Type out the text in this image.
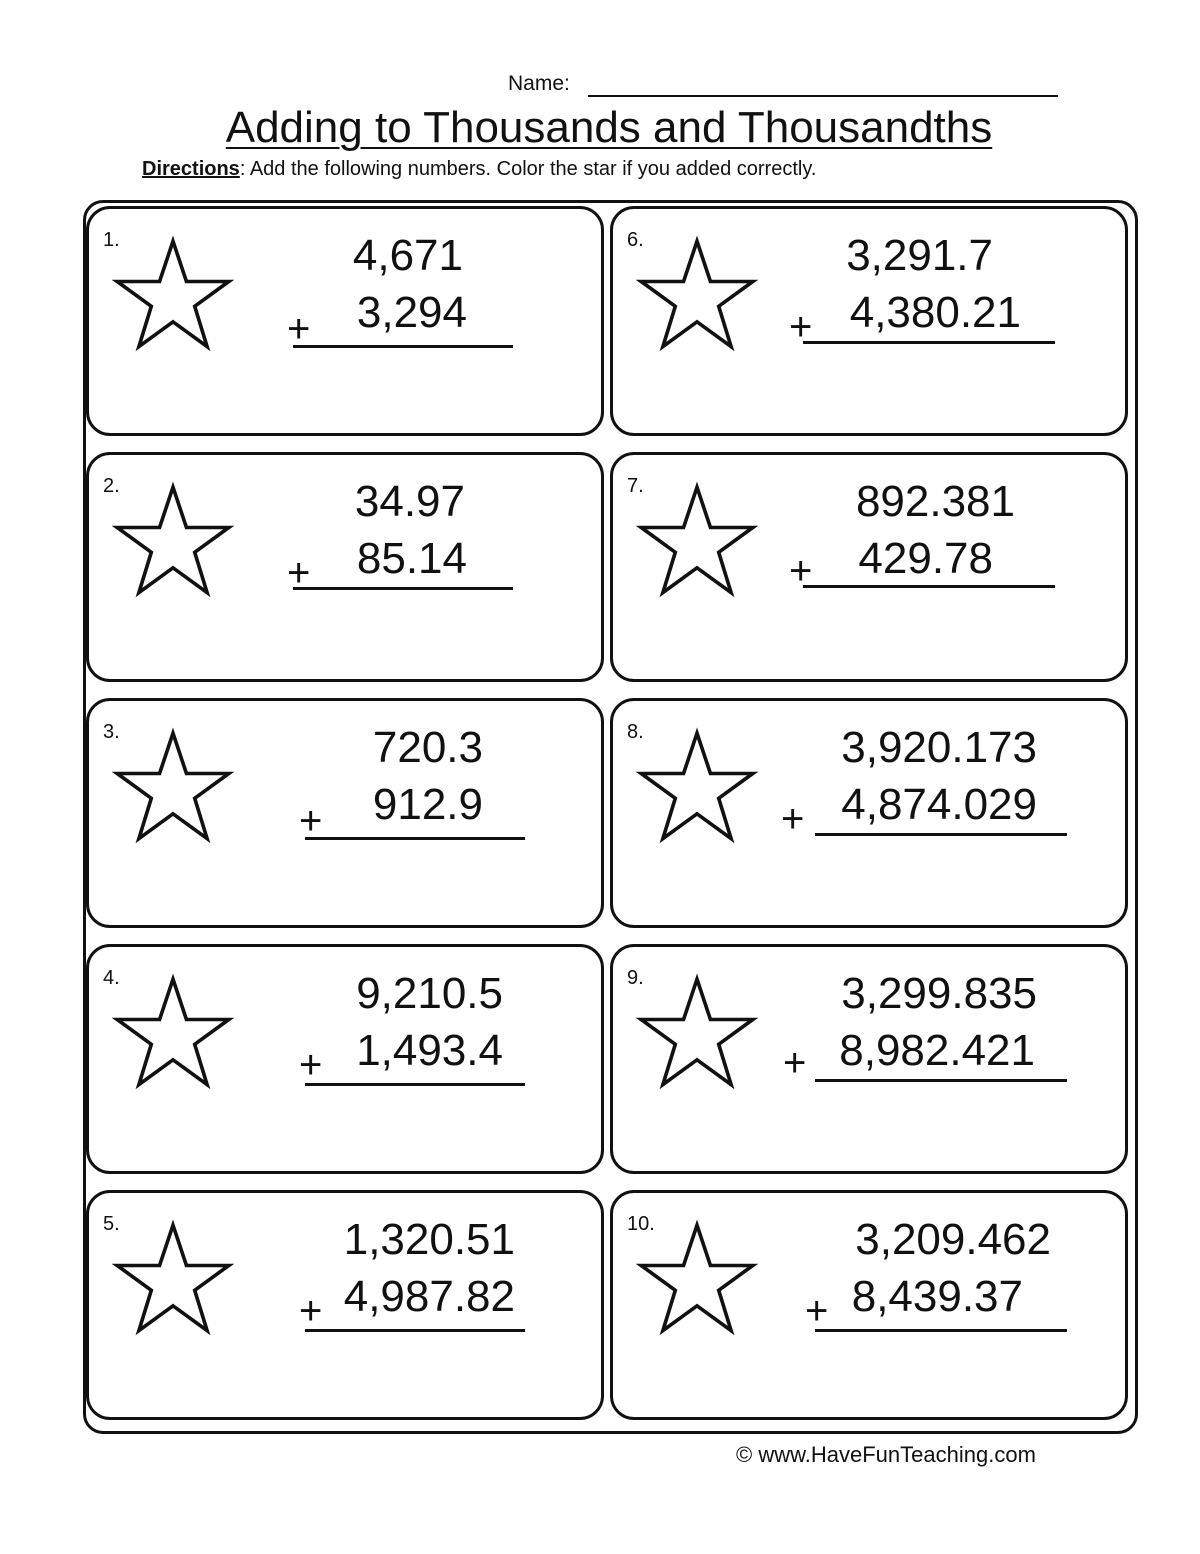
Name:
Adding to Thousands and Thousandths
Directions: Add the following numbers. Color the star if you added correctly.
1.	4,671
+ 3,294
2.	34.97
+ 85.14
3.	720.3
+ 912.9
4.	9,210.5
+ 1,493.4
5.	1,320.51
+ 4,987.82
6.	3,291.7
+ 4,380.21
7.	892.381
+ 429.78
8.	3,920.173
+ 4,874.029
9.	3,299.835
+ 8,982.421
10.	3,209.462
+ 8,439.37
© www.HaveFunTeaching.com
